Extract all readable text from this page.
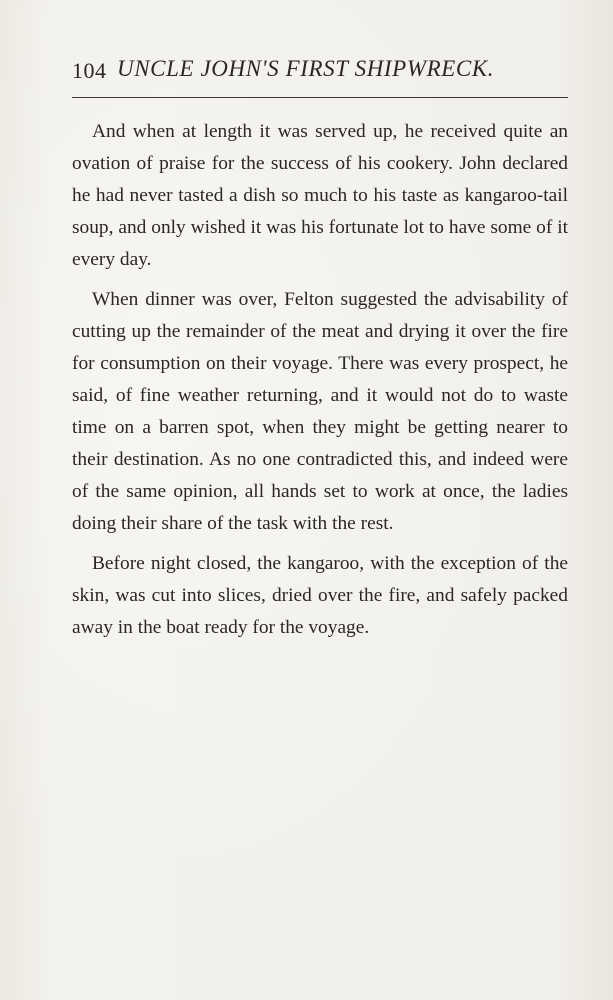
104 UNCLE JOHN'S FIRST SHIPWRECK.

And when at length it was served up, he received quite an ovation of praise for the success of his cookery. John declared he had never tasted a dish so much to his taste as kangaroo-tail soup, and only wished it was his fortunate lot to have some of it every day.

When dinner was over, Felton suggested the advisability of cutting up the remainder of the meat and drying it over the fire for consumption on their voyage. There was every prospect, he said, of fine weather returning, and it would not do to waste time on a barren spot, when they might be getting nearer to their destination. As no one contradicted this, and indeed were of the same opinion, all hands set to work at once, the ladies doing their share of the task with the rest.

Before night closed, the kangaroo, with the exception of the skin, was cut into slices, dried over the fire, and safely packed away in the boat ready for the voyage.
